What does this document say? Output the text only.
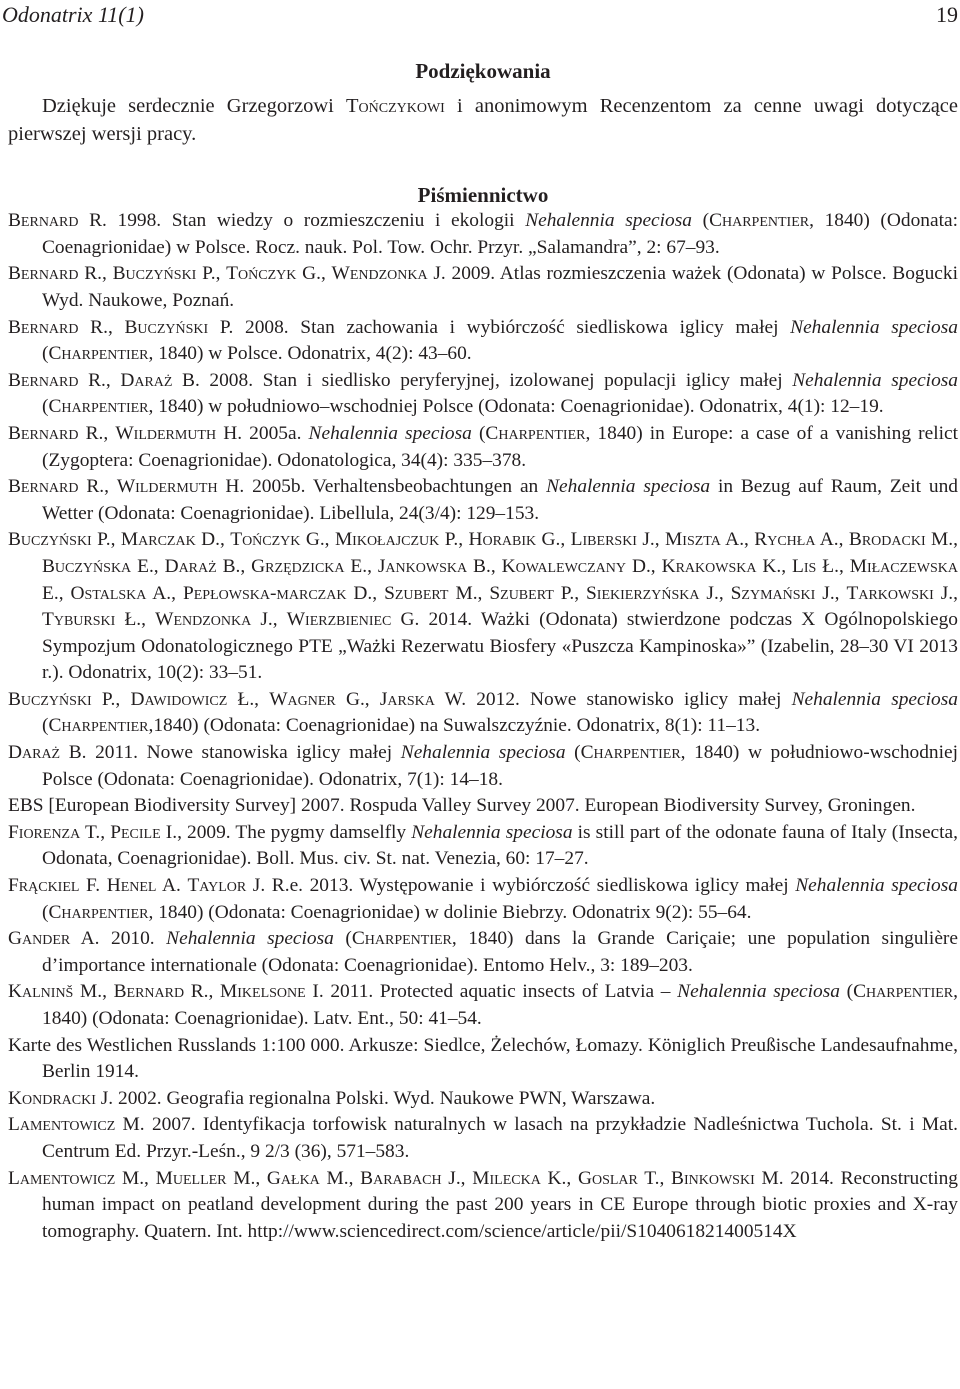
Odonatrix 11(1)	19

Podziękowania

Dziękuje serdecznie Grzegorzowi Tończykowi i anonimowym Recenzentom za cenne uwagi dotyczące pierwszej wersji pracy.

Piśmiennictwo

Bernard R. 1998. Stan wiedzy o rozmieszczeniu i ekologii Nehalennia speciosa (Charpentier, 1840) (Odonata: Coenagrionidae) w Polsce. Rocz. nauk. Pol. Tow. Ochr. Przyr. „Salamandra”, 2: 67–93.

Bernard R., Buczyński P., Tończyk G., Wendzonka J. 2009. Atlas rozmieszczenia ważek (Odonata) w Polsce. Bogucki Wyd. Naukowe, Poznań.

Bernard R., Buczyński P. 2008. Stan zachowania i wybiórczość siedliskowa iglicy małej Nehalennia speciosa (Charpentier, 1840) w Polsce. Odonatrix, 4(2): 43–60.

Bernard R., Daraż B. 2008. Stan i siedlisko peryferyjnej, izolowanej populacji iglicy małej Nehalennia speciosa (Charpentier, 1840) w południowo–wschodniej Polsce (Odonata: Coenagrionidae). Odonatrix, 4(1): 12–19.

Bernard R., Wildermuth H. 2005a. Nehalennia speciosa (Charpentier, 1840) in Europe: a case of a vanishing relict (Zygoptera: Coenagrionidae). Odonatologica, 34(4): 335–378.

Bernard R., Wildermuth H. 2005b. Verhaltensbeobachtungen an Nehalennia speciosa in Bezug auf Raum, Zeit und Wetter (Odonata: Coenagrionidae). Libellula, 24(3/4): 129–153.

Buczyński P., Marczak D., Tończyk G., Mikołajczuk P., Horabik G., Liberski J., Miszta A., Rychła A., Brodacki M., Buczyńska E., Daraż B., Grzędzicka E., Jankowska B., Kowalewczany D., Krakowska K., Lis Ł., Miłaczewska E., Ostalska A., Pepłowska-marczak D., Szubert M., Szubert P., Siekierzyńska J., Szymański J., Tarkowski J., Tyburski Ł., Wendzonka J., Wierzbieniec G. 2014. Ważki (Odonata) stwierdzone podczas X Ogólnopolskiego Sympozjum Odonatologicznego PTE „Ważki Rezerwatu Biosfery «Puszcza Kampinoska»” (Izabelin, 28–30 VI 2013 r.). Odonatrix, 10(2): 33–51.

Buczyński P., Dawidowicz Ł., Wagner G., Jarska W. 2012. Nowe stanowisko iglicy małej Nehalennia speciosa (Charpentier,1840) (Odonata: Coenagrionidae) na Suwalszczyźnie. Odonatrix, 8(1): 11–13.

Daraż B. 2011. Nowe stanowiska iglicy małej Nehalennia speciosa (Charpentier, 1840) w południowo-wschodniej Polsce (Odonata: Coenagrionidae). Odonatrix, 7(1): 14–18.

EBS [European Biodiversity Survey] 2007. Rospuda Valley Survey 2007. European Biodiversity Survey, Groningen.

Fiorenza T., Pecile I., 2009. The pygmy damselfly Nehalennia speciosa is still part of the odonate fauna of Italy (Insecta, Odonata, Coenagrionidae). Boll. Mus. civ. St. nat. Venezia, 60: 17–27.

Frąckiel F. Henel A. Taylor J. R.e. 2013. Występowanie i wybiórczość siedliskowa iglicy małej Nehalennia speciosa (Charpentier, 1840) (Odonata: Coenagrionidae) w dolinie Biebrzy. Odonatrix 9(2): 55–64.

Gander A. 2010. Nehalennia speciosa (Charpentier, 1840) dans la Grande Cariçaie; une population singulière d’importance internationale (Odonata: Coenagrionidae). Entomo Helv., 3: 189–203.

Kalninš M., Bernard R., Mikelsone I. 2011. Protected aquatic insects of Latvia – Nehalennia speciosa (Charpentier, 1840) (Odonata: Coenagrionidae). Latv. Ent., 50: 41–54.

Karte des Westlichen Russlands 1:100 000. Arkusze: Siedlce, Żelechów, Łomazy. Königlich Preußische Landesaufnahme, Berlin 1914.

Kondracki J. 2002. Geografia regionalna Polski. Wyd. Naukowe PWN, Warszawa.

Lamentowicz M. 2007. Identyfikacja torfowisk naturalnych w lasach na przykładzie Nadleśnictwa Tuchola. St. i Mat. Centrum Ed. Przyr.-Leśn., 9 2/3 (36), 571–583.

Lamentowicz M., Mueller M., Gałka M., Barabach J., Milecka K., Goslar T., Binkowski M. 2014. Reconstructing human impact on peatland development during the past 200 years in CE Europe through biotic proxies and X-ray tomography. Quatern. Int. http://www.sciencedirect.com/science/article/pii/S104061821400514X
